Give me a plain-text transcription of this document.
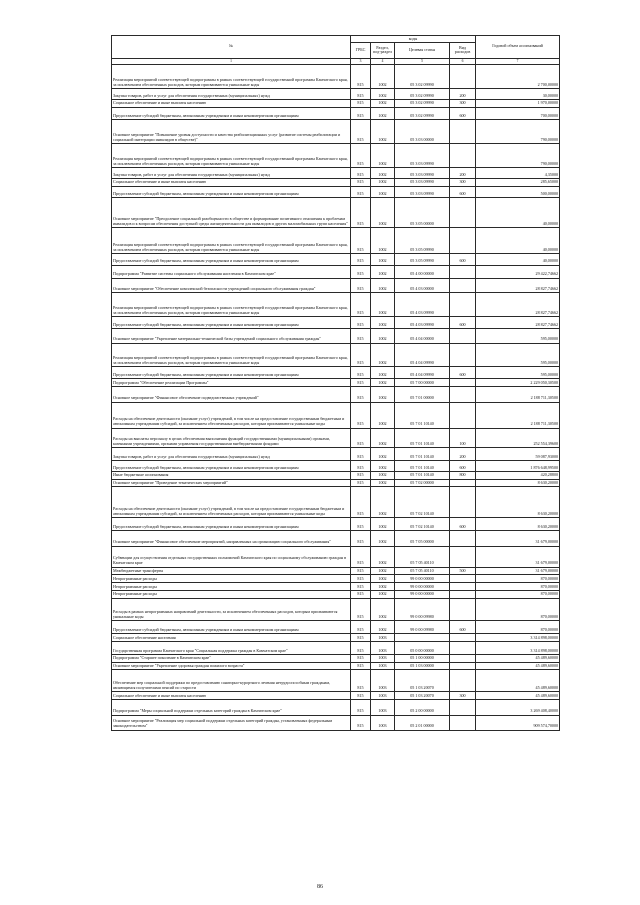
№	коды				Годовой объем ассигнований
	ГРБС	Раздел, под-раздел	Целевая статья	Вид расходов	
1	3	4	5	6	7
Реализация мероприятий соответствующей подпрограммы в рамках соответствующей государственной программы Камчатского края, за исключением обеспеченных расходов, которым присваиваются уникальные коды	815	1002	05 3 02 09990		2 700,00000
Закупка товаров, работ и услуг для обеспечения государственных (муниципальных) нужд	815	1002	05 3 02 09990	200	30,00000
Социальное обеспечение и иные выплаты населению	815	1002	05 3 02 09990	300	1 970,00000
Предоставление субсидий бюджетным, автономным учреждениям и иным некоммерческим организациям	815	1002	05 3 02 09990	600	700,00000
Основное мероприятие "Повышение уровня доступности и качества реабилитационных услуг (развитие системы реабилитации и социальной интеграции инвалидов в обществе)"	815	1002	05 3 03 00000		790,00000
Реализация мероприятий соответствующей подпрограммы в рамках соответствующей государственной программы Камчатского края, за исключением обеспеченных расходов, которым присваиваются уникальные коды	815	1002	05 3 03 09990		790,00000
Закупка товаров, работ и услуг для обеспечения государственных (муниципальных) нужд	815	1002	05 3 03 09990	200	4,35000
Социальное обеспечение и иные выплаты населению	815	1002	05 3 03 09990	300	285,65000
Предоставление субсидий бюджетным, автономным учреждениям и иным некоммерческим организациям	815	1002	05 3 03 09990	600	500,00000
Основное мероприятие "Преодоление социальной разобщенности в обществе и формирование позитивного отношения к проблемам инвалидов и к вопросам обеспечения доступной среды жизнедеятельности для инвалидов и других маломобильных групп населения"	815	1002	05 3 05 00000		40,00000
Реализация мероприятий соответствующей подпрограммы в рамках соответствующей государственной программы Камчатского края, за исключением обеспеченных расходов, которым присваиваются уникальные коды	815	1002	05 3 05 09990		40,00000
Предоставление субсидий бюджетным, автономным учреждениям и иным некоммерческим организациям	815	1002	05 3 05 09990	600	40,00000
Подпрограмма "Развитие системы социального обслуживания населения в Камчатском крае"	815	1002	05 4 00 00000		29 422,74662
Основное мероприятие "Обеспечение комплексной безопасности учреждений социального обслуживания граждан"	815	1002	05 4 03 00000		28 827,74662
Реализация мероприятий соответствующей подпрограммы в рамках соответствующей государственной программы Камчатского края, за исключением обеспеченных расходов, которым присваиваются уникальные коды	815	1002	05 4 03 09990		28 827,74662
Предоставление субсидий бюджетным, автономным учреждениям и иным некоммерческим организациям	815	1002	05 4 03 09990	600	28 827,74662
Основное мероприятие "Укрепление материально-технической базы учреждений социального обслуживания граждан"	815	1002	05 4 04 00000		595,00000
Реализация мероприятий соответствующей подпрограммы в рамках соответствующей государственной программы Камчатского края, за исключением обеспеченных расходов, которым присваиваются уникальные коды	815	1002	05 4 04 09990		595,00000
Предоставление субсидий бюджетным, автономным учреждениям и иным некоммерческим организациям	815	1002	05 4 04 09990	600	595,00000
Подпрограмма "Обеспечение реализации Программы"	815	1002	05 7 00 00000		2 229 050,30500
Основное мероприятие "Финансовое обеспечение подведомственных учреждений"	815	1002	05 7 01 00000		2 188 711,30500
Расходы на обеспечение деятельности (оказание услуг) учреждений, в том числе на предоставление государственным бюджетным и автономным учреждениям субсидий, за исключением обеспеченных расходов, которым присваиваются уникальные коды	815	1002	05 7 01 10140		2 188 711,30500
Расходы на выплаты персоналу в целях обеспечения выполнения функций государственными (муниципальными) органами, казенными учреждениями, органами управления государственными внебюджетными фондами	815	1002	05 7 01 10140	100	252 554,39600
Закупка товаров, работ и услуг для обеспечения государственных (муниципальных) нужд	815	1002	05 7 01 10140	200	59 087,93000
Предоставление субсидий бюджетным, автономным учреждениям и иным некоммерческим организациям	815	1002	05 7 01 10140	600	1 876 648,99500
Иные бюджетные ассигнования	815	1002	05 7 01 10140	800	420,28800
Основное мероприятие "Проведение тематических мероприятий"	815	1002	05 7 02 00000		8 630,20000
Расходы на обеспечение деятельности (оказание услуг) учреждений, в том числе на предоставление государственным бюджетным и автономным учреждениям субсидий, за исключением обеспеченных расходов, которым присваиваются уникальные коды	815	1002	05 7 02 10140		8 630,20000
Предоставление субсидий бюджетным, автономным учреждениям и иным некоммерческим организациям	815	1002	05 7 02 10140	600	8 630,20000
Основное мероприятие "Финансовое обеспечение мероприятий, направленных на организацию социального обслуживания"	815	1002	05 7 05 00000		31 679,00000
Субвенции для осуществления отдельных государственных полномочий Камчатского края по социальному обслуживанию граждан в Камчатском крае	815	1002	05 7 05 40110		31 679,00000
Межбюджетные трансферты	815	1002	05 7 05 40110	500	31 679,00000
Непрограммные расходы	815	1002	99 0 00 00000		870,00000
Непрограммные расходы	815	1002	99 0 00 00000		870,00000
Непрограммные расходы	815	1002	99 0 00 00000		870,00000
Расходы в рамках непрограммных направлений деятельности, за исключением обеспеченных расходов, которым присваиваются уникальные коды	815	1002	99 0 00 09980		870,00000
Предоставление субсидий бюджетным, автономным учреждениям и иным некоммерческим организациям	815	1002	99 0 00 09980	600	870,00000
Социальное обеспечение населения	815	1003			3 314 898,00000
Государственная программа Камчатского края "Социальная поддержка граждан в Камчатском крае"	815	1003	05 0 00 00000		3 314 898,00000
Подпрограмма "Старшее поколение в Камчатском крае"	815	1003	05 1 00 00000		45 489,60000
Основное мероприятие "Укрепление здоровья граждан пожилого возраста"	815	1003	05 1 03 00000		45 489,60000
Обеспечение мер социальной поддержки по предоставлению санаторно-курортного лечения нетрудоспособным гражданам, являющимся получателями пенсий по старости	815	1003	05 1 03 20070		45 489,60000
Социальное обеспечение и иные выплаты населению	815	1003	05 1 03 20070	300	45 489,60000
Подпрограмма "Меры социальной поддержки отдельных категорий граждан в Камчатском крае"	815	1003	05 2 00 00000		3 269 408,40000
Основное мероприятие "Реализация мер социальной поддержки отдельных категорий граждан, установленных федеральным законодательством"	815	1003	05 2 01 00000		909 574,70000
86
